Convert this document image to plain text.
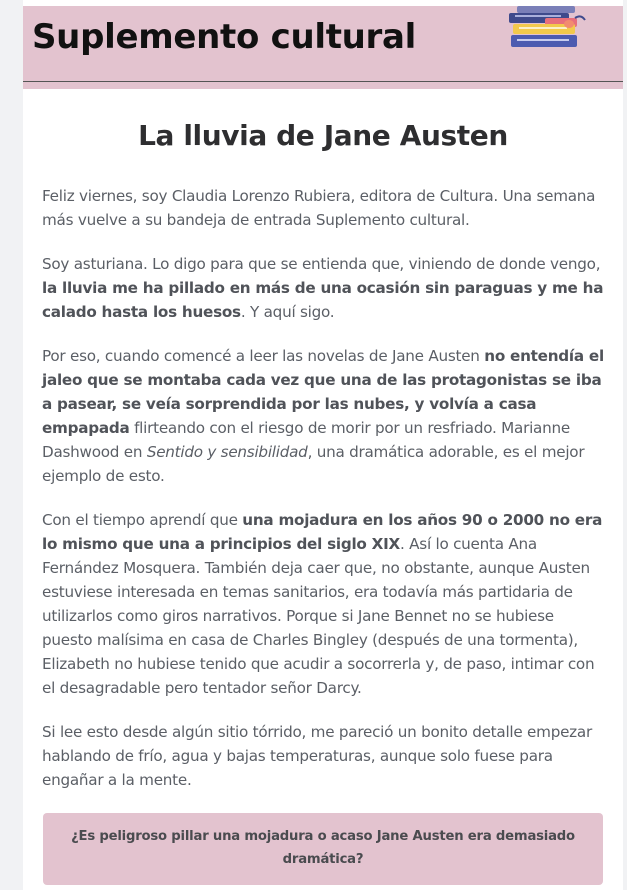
Suplemento cultural
La lluvia de Jane Austen

Feliz viernes, soy Claudia Lorenzo Rubiera, editora de Cultura. Una semana más vuelve a su bandeja de entrada Suplemento cultural.

Soy asturiana. Lo digo para que se entienda que, viniendo de donde vengo, la lluvia me ha pillado en más de una ocasión sin paraguas y me ha calado hasta los huesos. Y aquí sigo.

Por eso, cuando comencé a leer las novelas de Jane Austen no entendía el jaleo que se montaba cada vez que una de las protagonistas se iba a pasear, se veía sorprendida por las nubes, y volvía a casa empapada flirteando con el riesgo de morir por un resfriado. Marianne Dashwood en Sentido y sensibilidad, una dramática adorable, es el mejor ejemplo de esto.

Con el tiempo aprendí que una mojadura en los años 90 o 2000 no era lo mismo que una a principios del siglo XIX. Así lo cuenta Ana Fernández Mosquera. También deja caer que, no obstante, aunque Austen estuviese interesada en temas sanitarios, era todavía más partidaria de utilizarlos como giros narrativos. Porque si Jane Bennet no se hubiese puesto malísima en casa de Charles Bingley (después de una tormenta), Elizabeth no hubiese tenido que acudir a socorrerla y, de paso, intimar con el desagradable pero tentador señor Darcy.

Si lee esto desde algún sitio tórrido, me pareció un bonito detalle empezar hablando de frío, agua y bajas temperaturas, aunque solo fuese para engañar a la mente.

¿Es peligroso pillar una mojadura o acaso Jane Austen era demasiado dramática?
